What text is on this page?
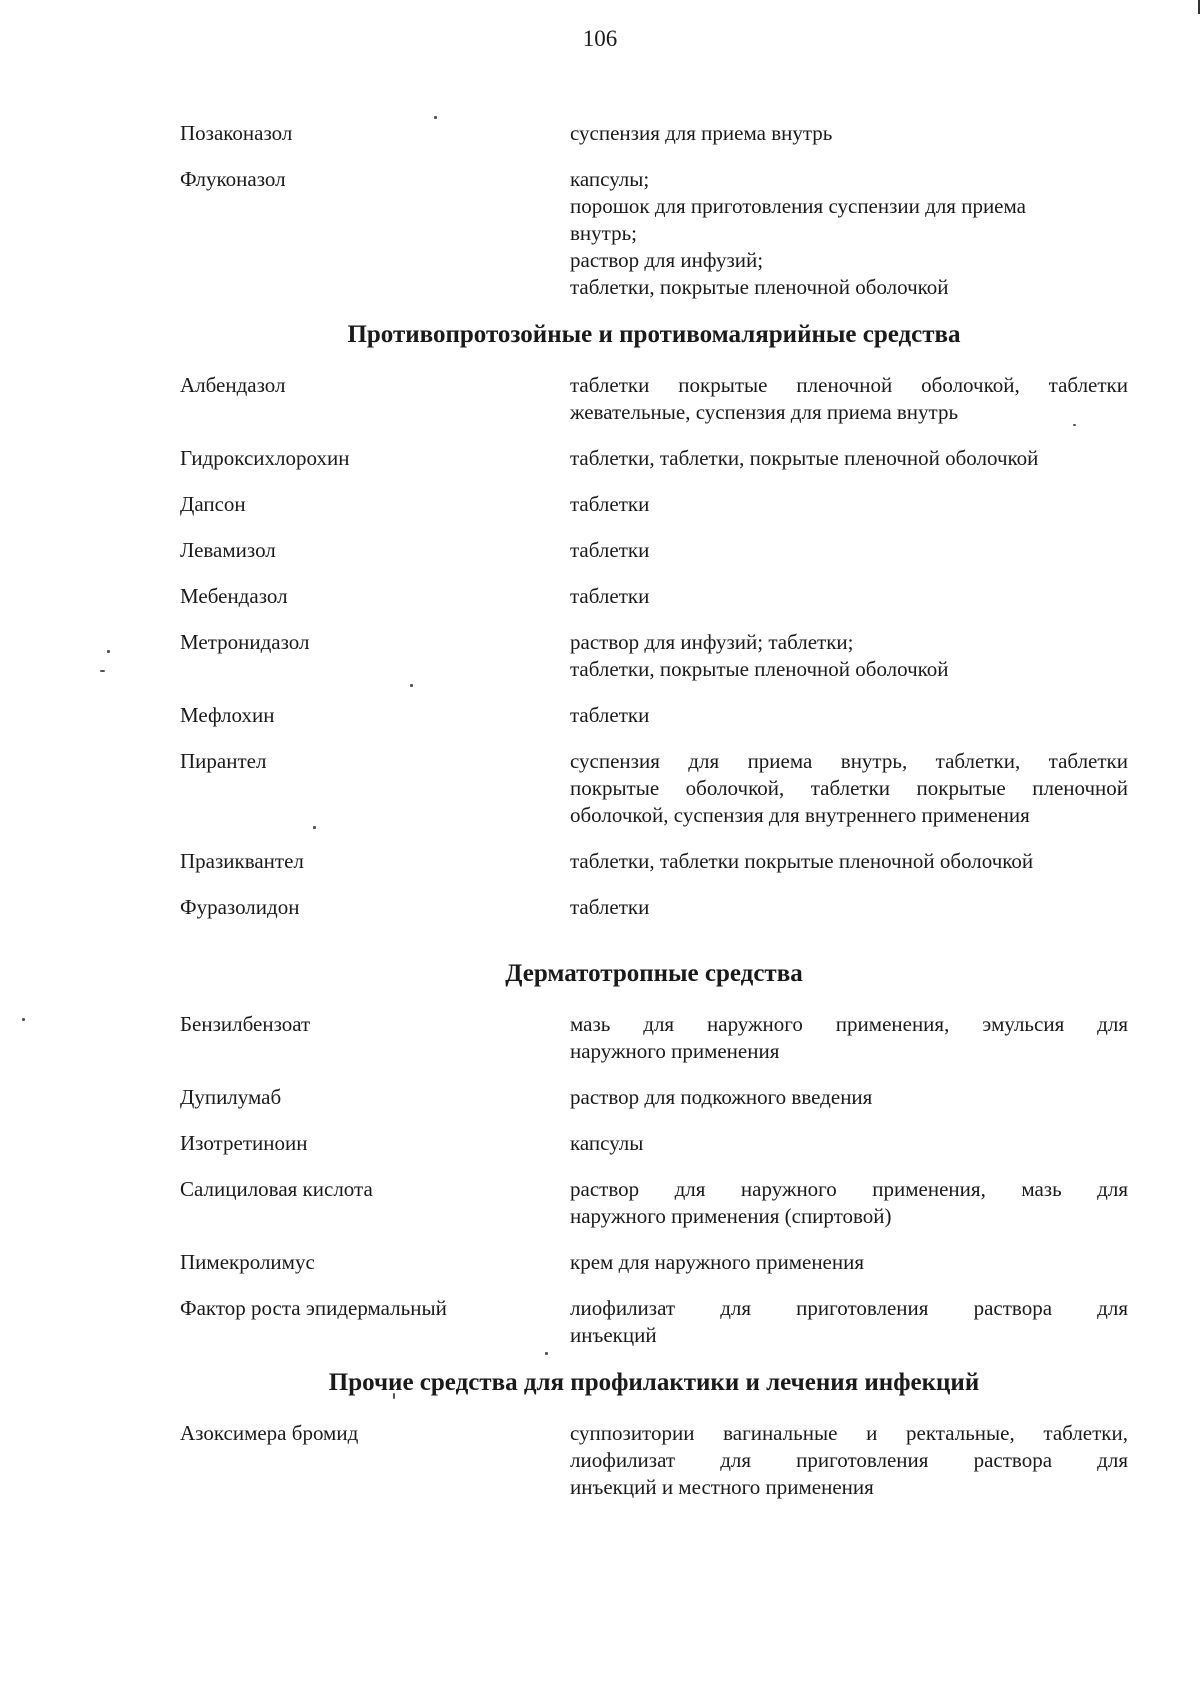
106
Позаконазол	суспензия для приема внутрь
Флуконазол	капсулы;
порошок для приготовления суспензии для приема
внутрь;
раствор для инфузий;
таблетки, покрытые пленочной оболочкой
Противопротозойные и противомалярийные средства
Албендазол	таблетки покрытые пленочной оболочкой, таблетки
жевательные, суспензия для приема внутрь
Гидроксихлорохин	таблетки, таблетки, покрытые пленочной оболочкой
Дапсон	таблетки
Левамизол	таблетки
Мебендазол	таблетки
Метронидазол	раствор для инфузий; таблетки;
таблетки, покрытые пленочной оболочкой
Мефлохин	таблетки
Пирантел	суспензия для приема внутрь, таблетки, таблетки
покрытые оболочкой, таблетки покрытые пленочной
оболочкой, суспензия для внутреннего применения
Празиквантел	таблетки, таблетки покрытые пленочной оболочкой
Фуразолидон	таблетки
Дерматотропные средства
Бензилбензоат	мазь для наружного применения, эмульсия для
наружного применения
Дупилумаб	раствор для подкожного введения
Изотретиноин	капсулы
Салициловая кислота	раствор для наружного применения, мазь для
наружного применения (спиртовой)
Пимекролимус	крем для наружного применения
Фактор роста эпидермальный	лиофилизат для приготовления раствора для
инъекций
Прочие средства для профилактики и лечения инфекций
Азоксимера бромид	суппозитории вагинальные и ректальные, таблетки,
лиофилизат для приготовления раствора для
инъекций и местного применения
